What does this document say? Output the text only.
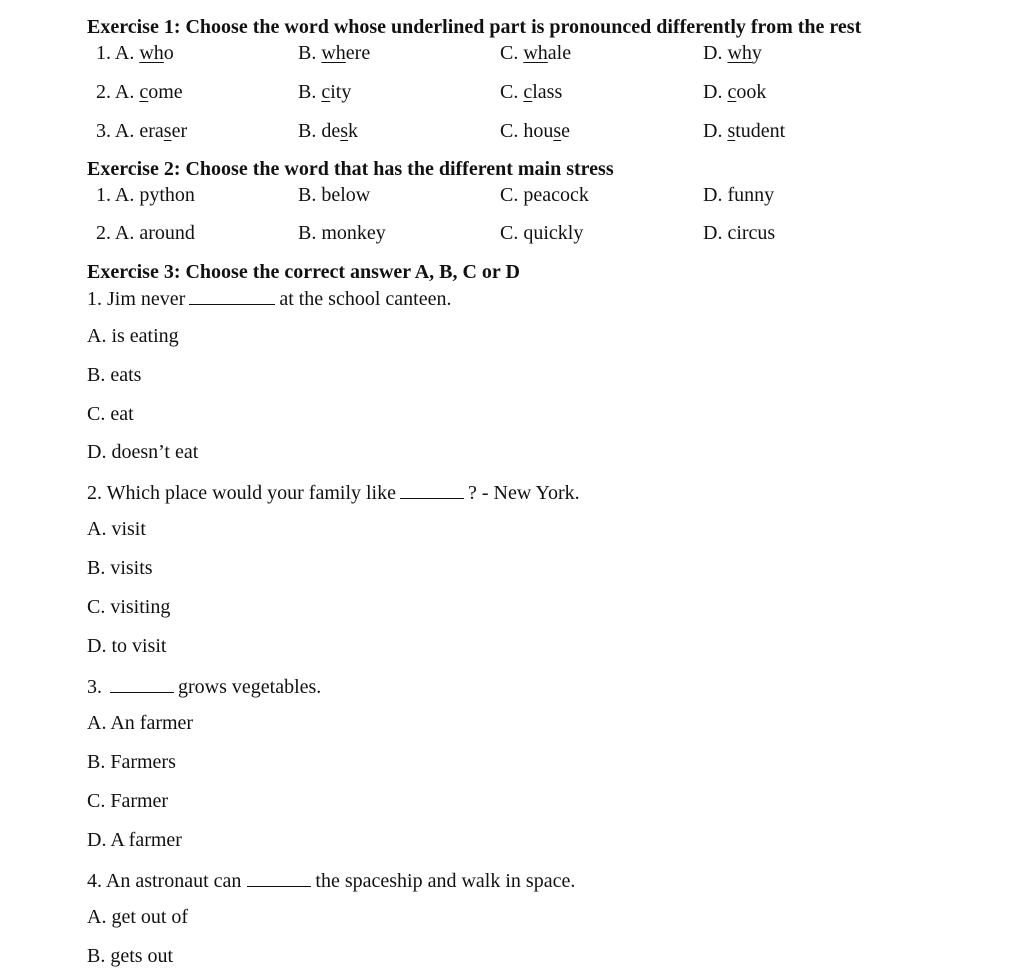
Exercise 1: Choose the word whose underlined part is pronounced differently from the rest
1. A. who	B. where	C. whale	D. why
2. A. come	B. city	C. class	D. cook
3. A. eraser	B. desk	C. house	D. student
Exercise 2: Choose the word that has the different main stress
1. A. python	B. below	C. peacock	D. funny
2. A. around	B. monkey	C. quickly	D. circus
Exercise 3: Choose the correct answer A, B, C or D
1. Jim never	at the school canteen.
A. is eating
B. eats
C. eat
D. doesn’t eat
2. Which place would your family like	? - New York.
A. visit
B. visits
C. visiting
D. to visit
3.	grows vegetables.
A. An farmer
B. Farmers
C. Farmer
D. A farmer
4. An astronaut can	the spaceship and walk in space.
A. get out of
B. gets out
